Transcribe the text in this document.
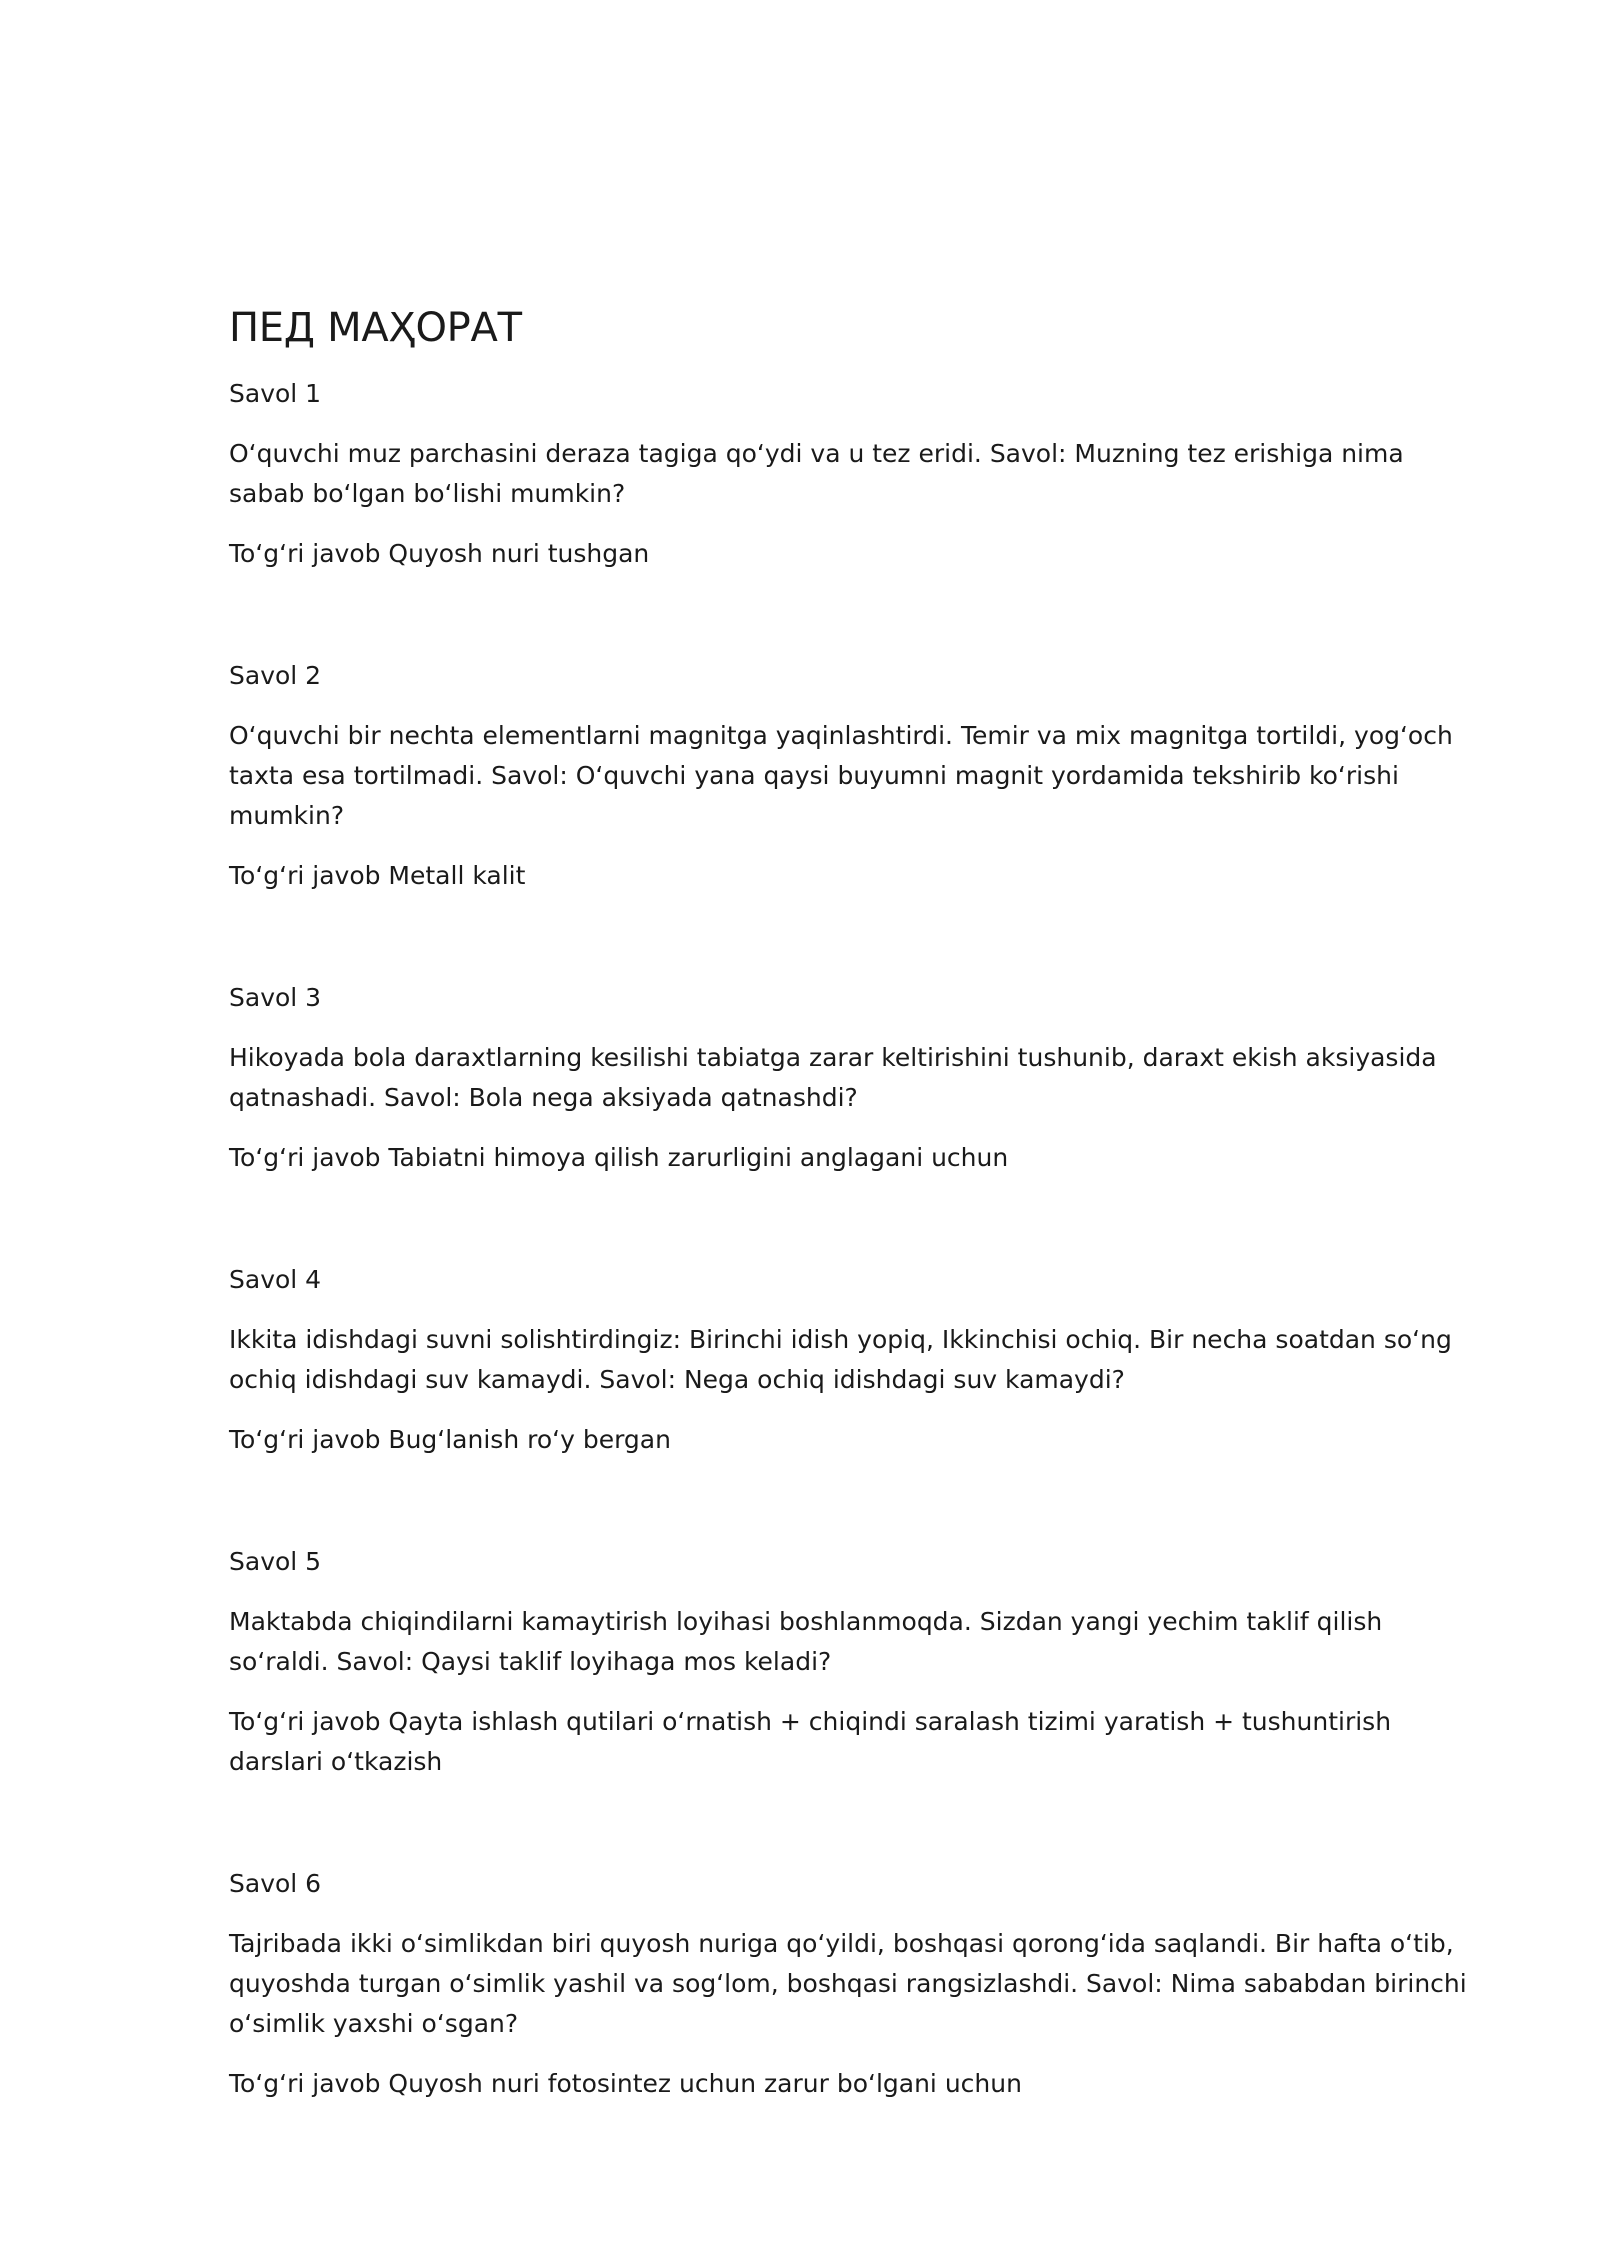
ПЕД МАҲОРАТ

Savol 1

O‘quvchi muz parchasini deraza tagiga qo‘ydi va u tez eridi. Savol: Muzning tez erishiga nima sabab bo‘lgan bo‘lishi mumkin?

To‘g‘ri javob Quyosh nuri tushgan

Savol 2

O‘quvchi bir nechta elementlarni magnitga yaqinlashtirdi. Temir va mix magnitga tortildi, yog‘och taxta esa tortilmadi. Savol: O‘quvchi yana qaysi buyumni magnit yordamida tekshirib ko‘rishi mumkin?

To‘g‘ri javob Metall kalit

Savol 3

Hikoyada bola daraxtlarning kesilishi tabiatga zarar keltirishini tushunib, daraxt ekish aksiyasida qatnashadi. Savol: Bola nega aksiyada qatnashdi?

To‘g‘ri javob Tabiatni himoya qilish zarurligini anglagani uchun

Savol 4

Ikkita idishdagi suvni solishtirdingiz: Birinchi idish yopiq, Ikkinchisi ochiq. Bir necha soatdan so‘ng ochiq idishdagi suv kamaydi. Savol: Nega ochiq idishdagi suv kamaydi?

To‘g‘ri javob Bug‘lanish ro‘y bergan

Savol 5

Maktabda chiqindilarni kamaytirish loyihasi boshlanmoqda. Sizdan yangi yechim taklif qilish so‘raldi. Savol: Qaysi taklif loyihaga mos keladi?

To‘g‘ri javob Qayta ishlash qutilari o‘rnatish + chiqindi saralash tizimi yaratish + tushuntirish darslari o‘tkazish

Savol 6

Tajribada ikki o‘simlikdan biri quyosh nuriga qo‘yildi, boshqasi qorong‘ida saqlandi. Bir hafta o‘tib, quyoshda turgan o‘simlik yashil va sog‘lom, boshqasi rangsizlashdi. Savol: Nima sababdan birinchi o‘simlik yaxshi o‘sgan?

To‘g‘ri javob Quyosh nuri fotosintez uchun zarur bo‘lgani uchun
